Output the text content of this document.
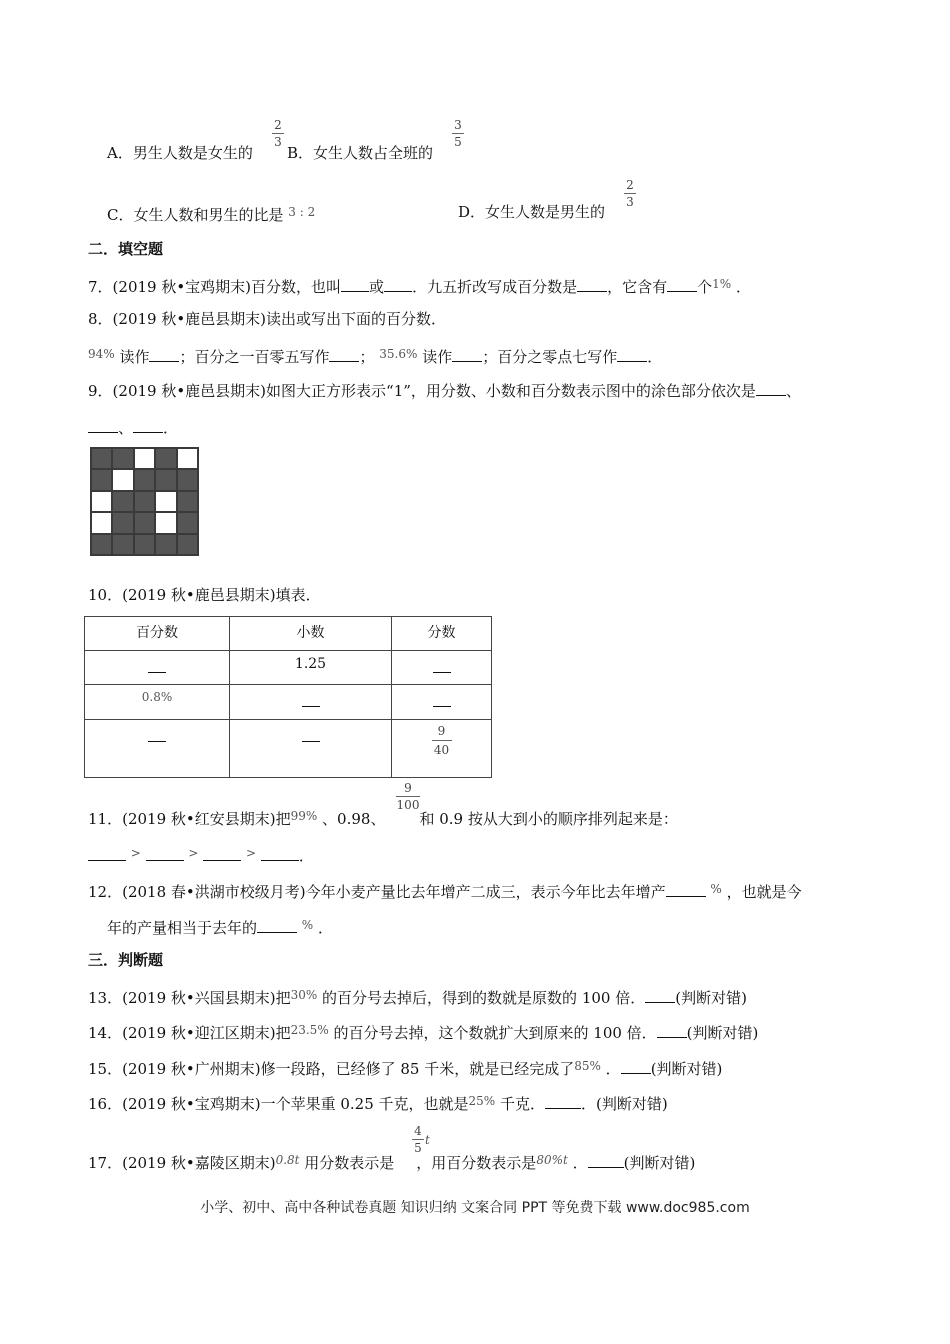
A．男生人数是女生的
2
3
B．女生人数占全班的
3
5
C．女生人数和男生的比是 $^{3 : 2}$	D．女生人数是男生的
2
3
二．填空题
7．(2019 秋•宝鸡期末)百分数，也叫 或 ．九五折改写成百分数是 ，它含有 个$^{1\%}$ ．
8．(2019 秋•鹿邑县期末)读出或写出下面的百分数．
$^{94\%}$ 读作 ；百分之一百零五写作 ； $^{35.6\%}$ 读作 ；百分之零点七写作 ．
9．(2019 秋•鹿邑县期末)如图大正方形表示“1”，用分数、小数和百分数表示图中的涂色部分依次是 、
、 ．
10．(2019 秋•鹿邑县期末)填表．
百分数	小数	分数
	1.25	
0.8%		
		$\frac{9}{40}$
11．(2019 秋•红安县期末)把$^{99\%}$ 、0.98、 和 0.9 按从大到小的顺序排列起来是：
9
100
>	>	>	．
12．(2018 春•洪湖市校级月考)今年小麦产量比去年增产二成三，表示今年比去年增产	% ，也就是今
年的产量相当于去年的	% ．
三．判断题
13．(2019 秋•兴国县期末)把$^{30\%}$ 的百分号去掉后，得到的数就是原数的 100 倍． (判断对错)
14．(2019 秋•迎江区期末)把$^{23.5\%}$ 的百分号去掉，这个数就扩大到原来的 100 倍． (判断对错)
15．(2019 秋•广州期末)修一段路，已经修了 85 千米，就是已经完成了$^{85\%}$ ． (判断对错)
16．(2019 秋•宝鸡期末)一个苹果重 0.25 千克，也就是$^{25\%}$ 千克． ．(判断对错)
17．(2019 秋•嘉陵区期末)$^{0.8t}$ 用分数表示是 ，用百分数表示是$^{80\%t}$ ． (判断对错)
4
5
t
小学、初中、高中各种试卷真题 知识归纳 文案合同 PPT 等免费下载 www.doc985.com
